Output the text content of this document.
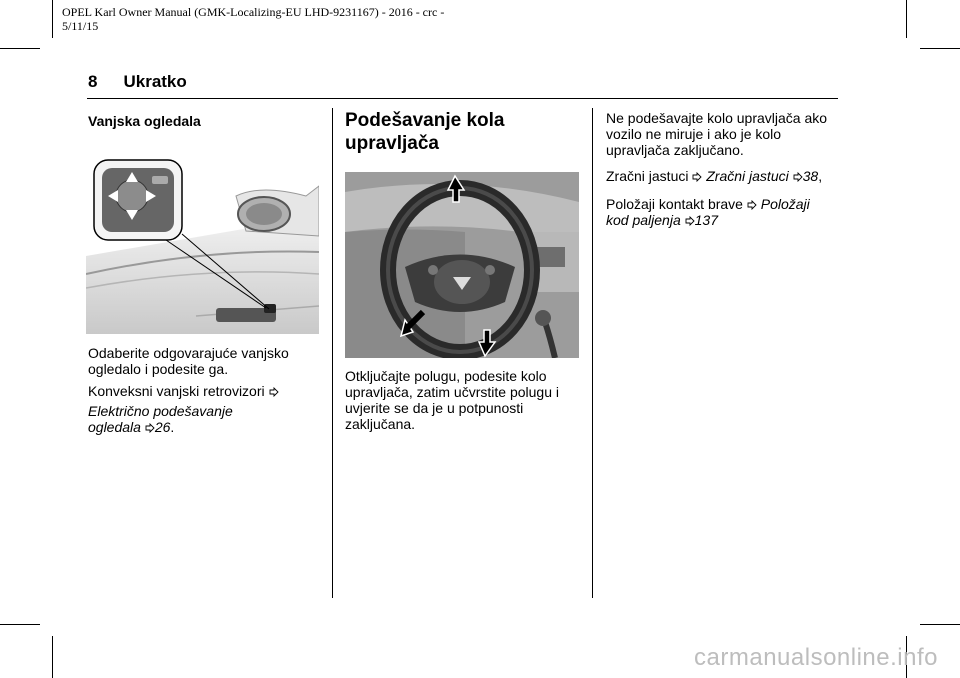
OPEL Karl Owner Manual (GMK-Localizing-EU LHD-9231167) - 2016 - crc -
5/11/15
8 Ukratko
Vanjska ogledala
Odaberite odgovarajuće vanjsko
ogledalo i podesite ga.
Konveksni vanjski retrovizori
Električno podešavanje
ogledala 26.
Podešavanje kola
upravljača
Otključajte polugu, podesite kolo
upravljača, zatim učvrstite polugu i
uvjerite se da je u potpunosti
zaključana.
Ne podešavajte kolo upravljača ako
vozilo ne miruje i ako je kolo
upravljača zaključano.
Zračni jastuci Zračni jastuci 38,
Položaji kontakt brave Položaji
kod paljenja 137
carmanualsonline.info
